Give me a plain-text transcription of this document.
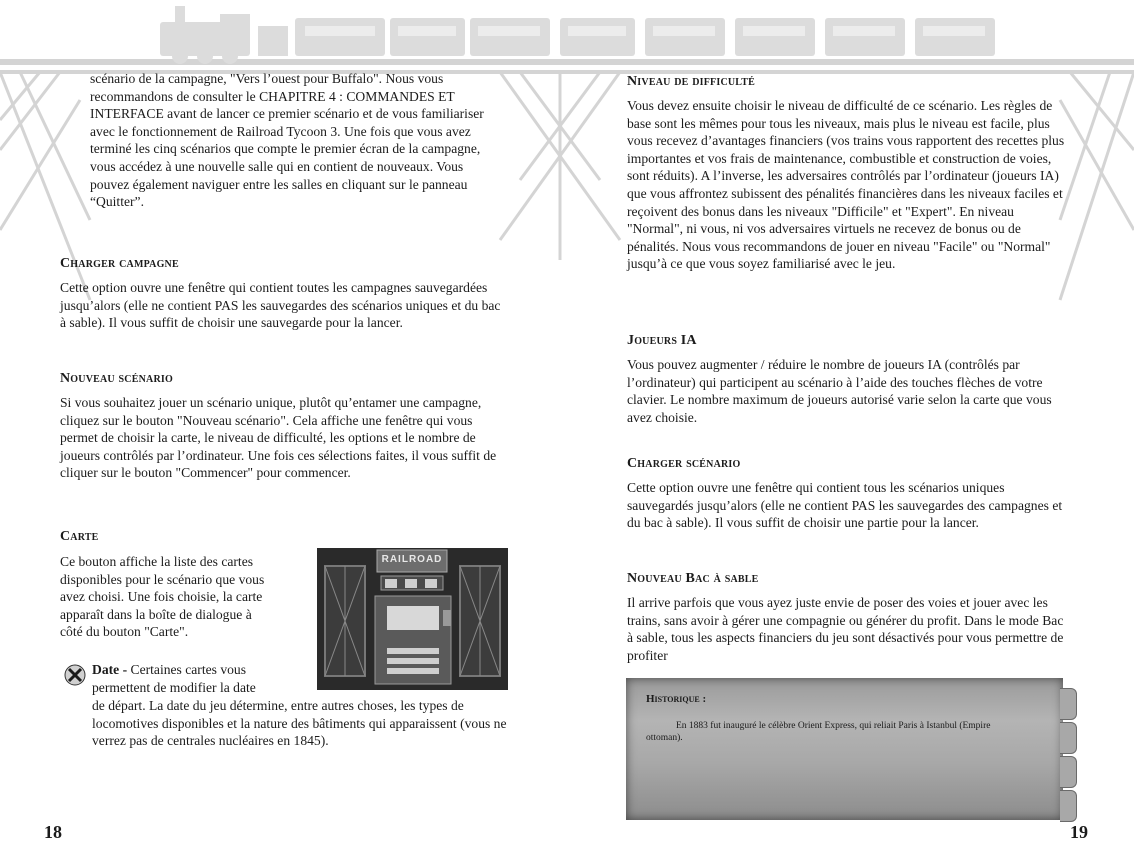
scénario de la campagne, "Vers l’ouest pour Buffalo". Nous vous recommandons de consulter le CHAPITRE 4 : COMMANDES ET INTERFACE avant de lancer ce premier scénario et de vous familiariser avec le fonctionnement de Railroad Tycoon 3. Une fois que vous avez terminé les cinq scénarios que compte le premier écran de la campagne, vous accédez à une nouvelle salle qui en contient de nouveaux. Vous pouvez également naviguer entre les salles en cliquant sur le panneau “Quitter”.

Charger campagne

Cette option ouvre une fenêtre qui contient toutes les campagnes sauvegardées jusqu’alors (elle ne contient PAS les sauvegardes des scénarios uniques et du bac à sable). Il vous suffit de choisir une sauvegarde pour la lancer.

Nouveau scénario

Si vous souhaitez jouer un scénario unique, plutôt qu’entamer une campagne, cliquez sur le bouton "Nouveau scénario". Cela affiche une fenêtre qui vous permet de choisir la carte, le niveau de difficulté, les options et le nombre de joueurs contrôlés par l’ordinateur. Une fois ces sélections faites, il vous suffit de cliquer sur le bouton "Commencer" pour commencer.

Carte
Ce bouton affiche la liste des cartes
disponibles pour le scénario que vous
avez choisi. Une fois choisie, la carte
apparaît dans la boîte de dialogue à
côté du bouton "Carte".
RAILROAD
Date - Certaines cartes vous
permettent de modifier la date

de départ. La date du jeu détermine, entre autres choses, les types de locomotives disponibles et la nature des bâtiments qui apparaissent (vous ne verrez pas de centrales nucléaires en 1845).

18
Niveau de difficulté

Vous devez ensuite choisir le niveau de difficulté de ce scénario. Les règles de base sont les mêmes pour tous les niveaux, mais plus le niveau est facile, plus vous recevez d’avantages financiers (vos trains vous rapportent des recettes plus importantes et vos frais de maintenance, combustible et construction de voies, sont réduits). A l’inverse, les adversaires contrôlés par l’ordinateur (joueurs IA) que vous affrontez subissent des pénalités financières dans les niveaux faciles et reçoivent des bonus dans les niveaux "Difficile" et "Expert". En niveau "Normal", ni vous, ni vos adversaires virtuels ne recevez de bonus ou de pénalités. Nous vous recommandons de jouer en niveau "Facile" ou "Normal" jusqu’à ce que vous soyez familiarisé avec le jeu.

Joueurs IA

Vous pouvez augmenter / réduire le nombre de joueurs IA (contrôlés par l’ordinateur) qui participent au scénario à l’aide des touches flèches de votre clavier. Le nombre maximum de joueurs autorisé varie selon la carte que vous avez choisie.

Charger scénario

Cette option ouvre une fenêtre qui contient tous les scénarios uniques sauvegardés jusqu’alors (elle ne contient PAS les sauvegardes des campagnes et du bac à sable). Il vous suffit de choisir une partie pour la lancer.

Nouveau Bac à sable

Il arrive parfois que vous ayez juste envie de poser des voies et jouer avec les trains, sans avoir à gérer une compagnie ou générer du profit. Dans le mode Bac à sable, tous les aspects financiers du jeu sont désactivés pour vous permettre de profiter

Historique :
En 1883 fut inauguré le célèbre Orient Express, qui reliait Paris à Istanbul (Empire ottoman).
19
